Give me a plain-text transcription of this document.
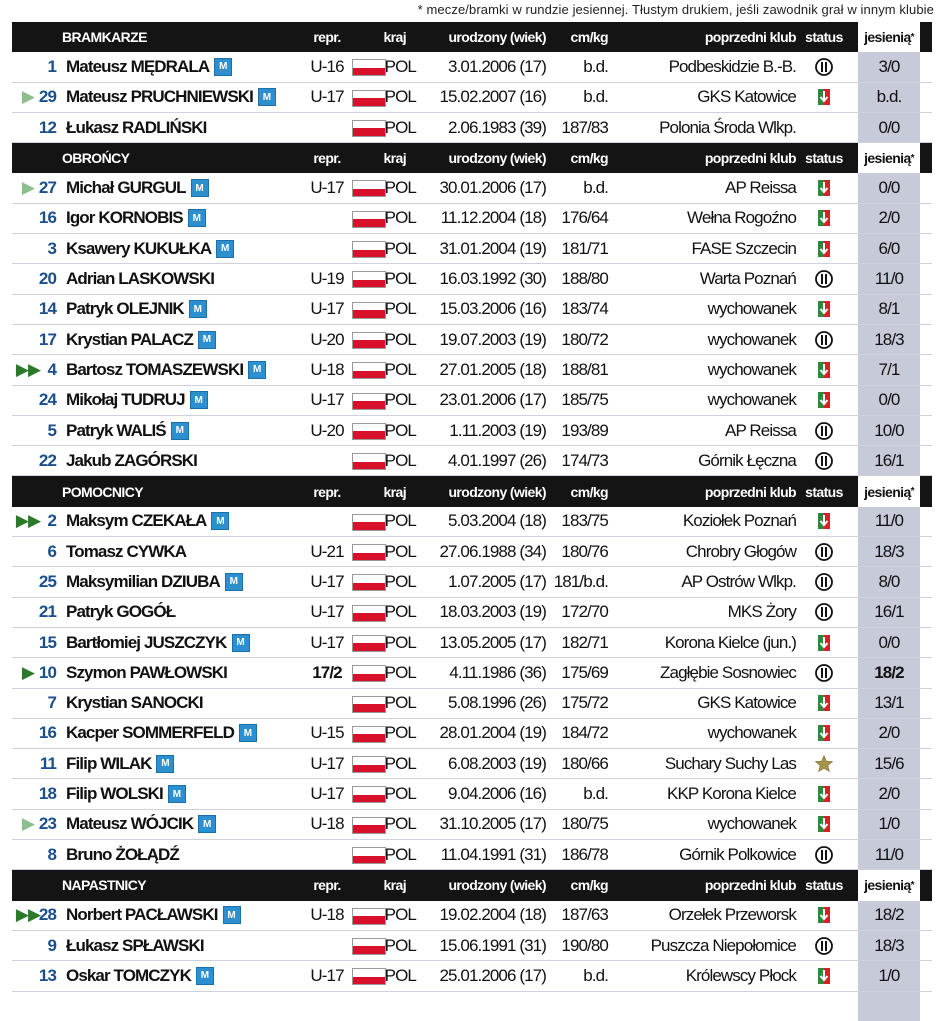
* mecze/bramki w rundzie jesiennej. Tłustym drukiem, jeśli zawodnik grał w innym klubie
BRAMKARZE	repr.	kraj	urodzony (wiek)	cm/kg	poprzedni klub status	jesienią *
1 Mateusz MĘDRALA M	U-16	POL	3.01.2006 (17)	b.d.	Podbeskidzie B.-B.	3/0
▶ 29 Mateusz PRUCHNIEWSKI M	U-17	POL	15.02.2007 (16)	b.d.	GKS Katowice	b.d.
12 Łukasz RADLIŃSKI	POL	2.06.1983 (39) 187/83	Polonia Środa Wlkp.	0/0
OBROŃCY	repr.	kraj	urodzony (wiek)	cm/kg	poprzedni klub status	jesienią *
▶ 27 Michał GURGUL M	U-17	POL	30.01.2006 (17)	b.d.	AP Reissa	0/0
16 Igor KORNOBIS M	POL	11.12.2004 (18) 176/64	Wełna Rogoźno	2/0
3 Ksawery KUKUŁKA M	POL	31.01.2004 (19) 181/71	FASE Szczecin	6/0
20 Adrian LASKOWSKI	U-19	POL	16.03.1992 (30) 188/80	Warta Poznań	11/0
14 Patryk OLEJNIK M	U-17	POL	15.03.2006 (16) 183/74	wychowanek	8/1
17 Krystian PALACZ M	U-20	POL	19.07.2003 (19) 180/72	wychowanek	18/3
▶▶ 4 Bartosz TOMASZEWSKI M	U-18	POL	27.01.2005 (18) 188/81	wychowanek	7/1
24 Mikołaj TUDRUJ M	U-17	POL	23.01.2006 (17) 185/75	wychowanek	0/0
5 Patryk WALIŚ M	U-20	POL	1.11.2003 (19) 193/89	AP Reissa	10/0
22 Jakub ZAGÓRSKI	POL	4.01.1997 (26) 174/73	Górnik Łęczna	16/1
POMOCNICY	repr.	kraj	urodzony (wiek)	cm/kg	poprzedni klub status	jesienią *
▶▶ 2 Maksym CZEKAŁA M	POL	5.03.2004 (18) 183/75	Koziołek Poznań	11/0
6 Tomasz CYWKA	U-21	POL	27.06.1988 (34) 180/76	Chrobry Głogów	18/3
25 Maksymilian DZIUBA M	U-17	POL	1.07.2005 (17) 181/b.d.	AP Ostrów Wlkp.	8/0
21 Patryk GOGÓŁ	U-17	POL	18.03.2003 (19) 172/70	MKS Żory	16/1
15 Bartłomiej JUSZCZYK M	U-17	POL	13.05.2005 (17) 182/71	Korona Kielce (jun.)	0/0
▶ 10 Szymon PAWŁOWSKI	17/2	POL	4.11.1986 (36) 175/69	Zagłębie Sosnowiec	18/2
7 Krystian SANOCKI	POL	5.08.1996 (26) 175/72	GKS Katowice	13/1
16 Kacper SOMMERFELD M	U-15	POL	28.01.2004 (19) 184/72	wychowanek	2/0
11 Filip WILAK M	U-17	POL	6.08.2003 (19) 180/66	Suchary Suchy Las	15/6
18 Filip WOLSKI M	U-17	POL	9.04.2006 (16)	b.d.	KKP Korona Kielce	2/0
▶ 23 Mateusz WÓJCIK M	U-18	POL	31.10.2005 (17) 180/75	wychowanek	1/0
8 Bruno ŻOŁĄDŹ	POL	11.04.1991 (31) 186/78	Górnik Polkowice	11/0
NAPASTNICY	repr.	kraj	urodzony (wiek)	cm/kg	poprzedni klub status	jesienią *
▶▶
28 Norbert PACŁAWSKI M	U-18	POL	19.02.2004 (18) 187/63	Orzełek Przeworsk	18/2
9 Łukasz SPŁAWSKI	POL	15.06.1991 (31) 190/80	Puszcza Niepołomice	18/3
13 Oskar TOMCZYK M	U-17	POL	25.01.2006 (17)	b.d.	Królewscy Płock	1/0
